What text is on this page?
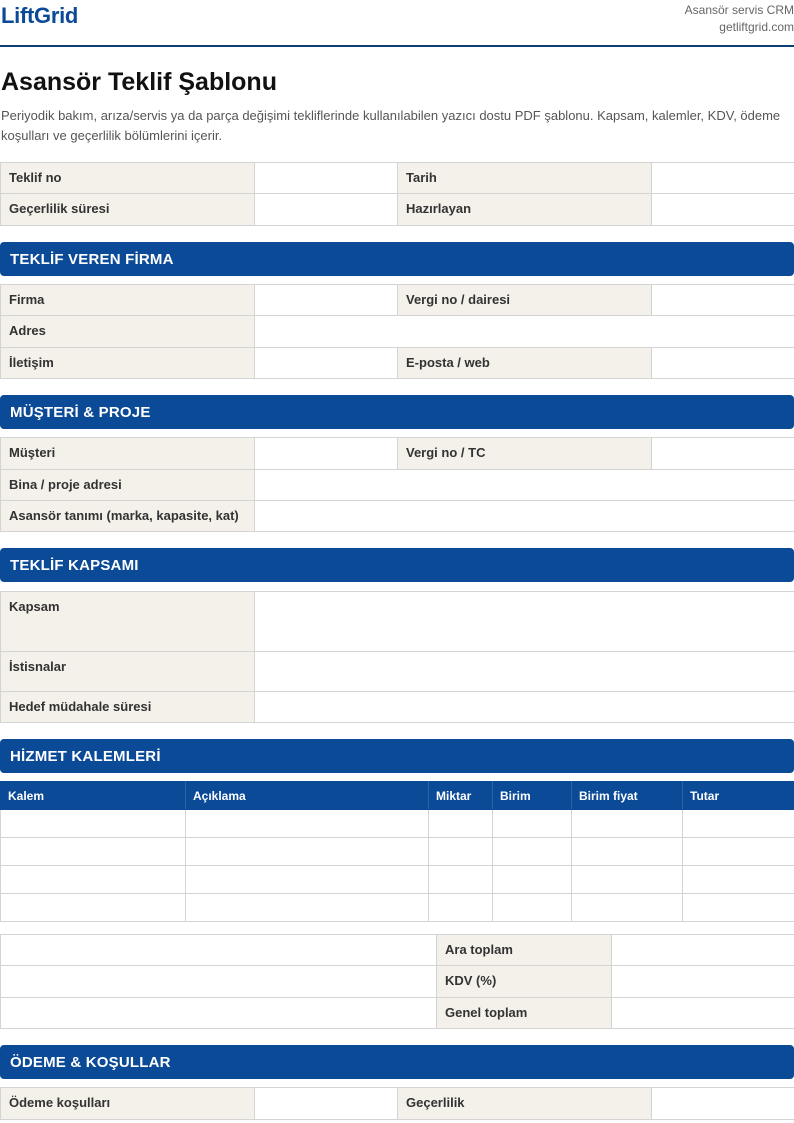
LiftGrid	Asansör servis CRM
getliftgrid.com
Asansör Teklif Şablonu
Periyodik bakım, arıza/servis ya da parça değişimi tekliflerinde kullanılabilen yazıcı dostu PDF şablonu. Kapsam, kalemler, KDV, ödeme koşulları ve geçerlilik bölümlerini içerir.
Teklif no		Tarih	
Geçerlilik süresi		Hazırlayan	
TEKLİF VEREN FİRMA
Firma		Vergi no / dairesi	
Adres			
İletişim		E-posta / web	
MÜŞTERİ & PROJE
Müşteri		Vergi no / TC	
Bina / proje adresi			
Asansör tanımı (marka, kapasite, kat)			
TEKLİF KAPSAMI
Kapsam	
İstisnalar	
Hedef müdahale süresi	
HİZMET KALEMLERİ
Kalem	Açıklama	Miktar	Birim	Birim fiyat	Tutar

	Ara toplam	
	KDV (%)	
	Genel toplam	
ÖDEME & KOŞULLAR
Ödeme koşulları		Geçerlilik	
